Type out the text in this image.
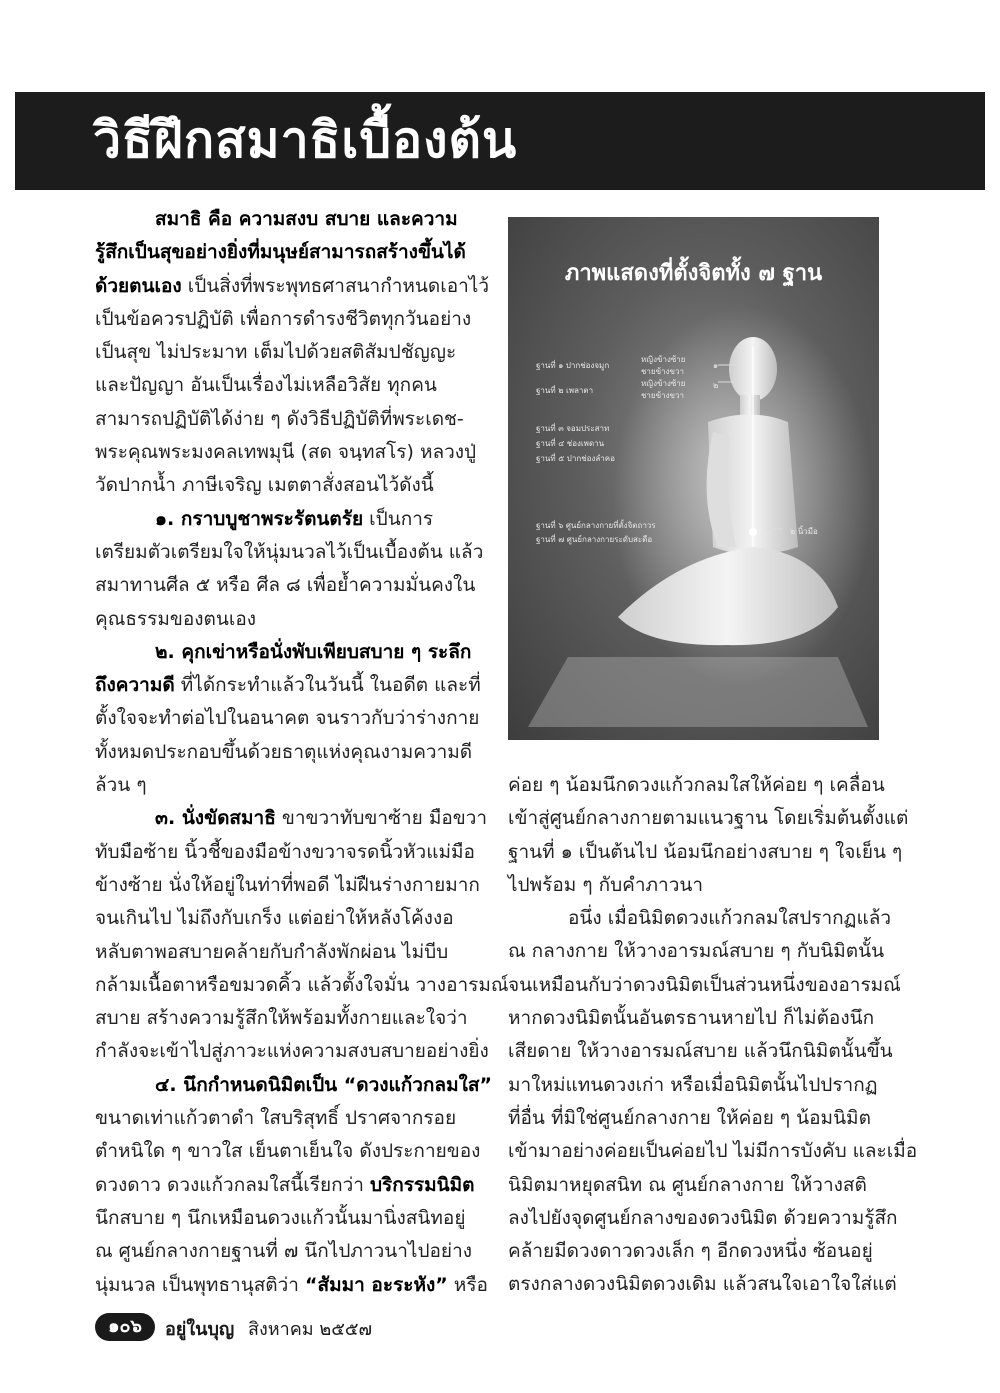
วิธีฝึกสมาธิเบื้องต้น

สมาธิ คือ ความสงบ สบาย และความ
รู้สึกเป็นสุขอย่างยิ่งที่มนุษย์สามารถสร้างขึ้นได้
ด้วยตนเอง เป็นสิ่งที่พระพุทธศาสนากำหนดเอาไว้
เป็นข้อควรปฏิบัติ เพื่อการดำรงชีวิตทุกวันอย่าง
เป็นสุข ไม่ประมาท เต็มไปด้วยสติสัมปชัญญะ
และปัญญา อันเป็นเรื่องไม่เหลือวิสัย ทุกคน
สามารถปฏิบัติได้ง่าย ๆ ดังวิธีปฏิบัติที่พระเดช-
พระคุณพระมงคลเทพมุนี (สด จนฺทสโร) หลวงปู่
วัดปากน้ำ ภาษีเจริญ เมตตาสั่งสอนไว้ดังนี้

๑. กราบบูชาพระรัตนตรัย เป็นการ
เตรียมตัวเตรียมใจให้นุ่มนวลไว้เป็นเบื้องต้น แล้ว
สมาทานศีล ๕ หรือ ศีล ๘ เพื่อย้ำความมั่นคงใน
คุณธรรมของตนเอง

๒. คุกเข่าหรือนั่งพับเพียบสบาย ๆ ระลึก
ถึงความดี ที่ได้กระทำแล้วในวันนี้ ในอดีต และที่
ตั้งใจจะทำต่อไปในอนาคต จนราวกับว่าร่างกาย
ทั้งหมดประกอบขึ้นด้วยธาตุแห่งคุณงามความดี
ล้วน ๆ

๓. นั่งขัดสมาธิ ขาขวาทับขาซ้าย มือขวา
ทับมือซ้าย นิ้วชี้ของมือข้างขวาจรดนิ้วหัวแม่มือ
ข้างซ้าย นั่งให้อยู่ในท่าที่พอดี ไม่ฝืนร่างกายมาก
จนเกินไป ไม่ถึงกับเกร็ง แต่อย่าให้หลังโค้งงอ
หลับตาพอสบายคล้ายกับกำลังพักผ่อน ไม่บีบ
กล้ามเนื้อตาหรือขมวดคิ้ว แล้วตั้งใจมั่น วางอารมณ์
สบาย สร้างความรู้สึกให้พร้อมทั้งกายและใจว่า
กำลังจะเข้าไปสู่ภาวะแห่งความสงบสบายอย่างยิ่ง

๔. นึกกำหนดนิมิตเป็น “ดวงแก้วกลมใส”
ขนาดเท่าแก้วตาดำ ใสบริสุทธิ์ ปราศจากรอย
ตำหนิใด ๆ ขาวใส เย็นตาเย็นใจ ดังประกายของ
ดวงดาว ดวงแก้วกลมใสนี้เรียกว่า บริกรรมนิมิต
นึกสบาย ๆ นึกเหมือนดวงแก้วนั้นมานิ่งสนิทอยู่
ณ ศูนย์กลางกายฐานที่ ๗ นึกไปภาวนาไปอย่าง
นุ่มนวล เป็นพุทธานุสติว่า “สัมมา อะระหัง” หรือ

ภาพแสดงที่ตั้งจิตทั้ง ๗ ฐาน
ฐานที่ ๑ ปากช่องจมูก
หญิงข้างซ้าย
ชายข้างขวา
๑
ฐานที่ ๒ เพลาตา
หญิงข้างซ้าย
ชายข้างขวา
๒
ฐานที่ ๓ จอมประสาท
ฐานที่ ๔ ช่องเพดาน
ฐานที่ ๕ ปากช่องลำคอ
ฐานที่ ๖ ศูนย์กลางกายที่ตั้งจิตถาวร
ฐานที่ ๗ ศูนย์กลางกายระดับสะดือ
๒ นิ้วมือ

ค่อย ๆ น้อมนึกดวงแก้วกลมใสให้ค่อย ๆ เคลื่อน
เข้าสู่ศูนย์กลางกายตามแนวฐาน โดยเริ่มต้นตั้งแต่
ฐานที่ ๑ เป็นต้นไป น้อมนึกอย่างสบาย ๆ ใจเย็น ๆ
ไปพร้อม ๆ กับคำภาวนา

อนึ่ง เมื่อนิมิตดวงแก้วกลมใสปรากฏแล้ว
ณ กลางกาย ให้วางอารมณ์สบาย ๆ กับนิมิตนั้น
จนเหมือนกับว่าดวงนิมิตเป็นส่วนหนึ่งของอารมณ์
หากดวงนิมิตนั้นอันตรธานหายไป ก็ไม่ต้องนึก
เสียดาย ให้วางอารมณ์สบาย แล้วนึกนิมิตนั้นขึ้น
มาใหม่แทนดวงเก่า หรือเมื่อนิมิตนั้นไปปรากฏ
ที่อื่น ที่มิใช่ศูนย์กลางกาย ให้ค่อย ๆ น้อมนิมิต
เข้ามาอย่างค่อยเป็นค่อยไป ไม่มีการบังคับ และเมื่อ
นิมิตมาหยุดสนิท ณ ศูนย์กลางกาย ให้วางสติ
ลงไปยังจุดศูนย์กลางของดวงนิมิต ด้วยความรู้สึก
คล้ายมีดวงดาวดวงเล็ก ๆ อีกดวงหนึ่ง ซ้อนอยู่
ตรงกลางดวงนิมิตดวงเดิม แล้วสนใจเอาใจใส่แต่

๑๐๖	อยู่ในบุญ สิงหาคม ๒๕๕๗
